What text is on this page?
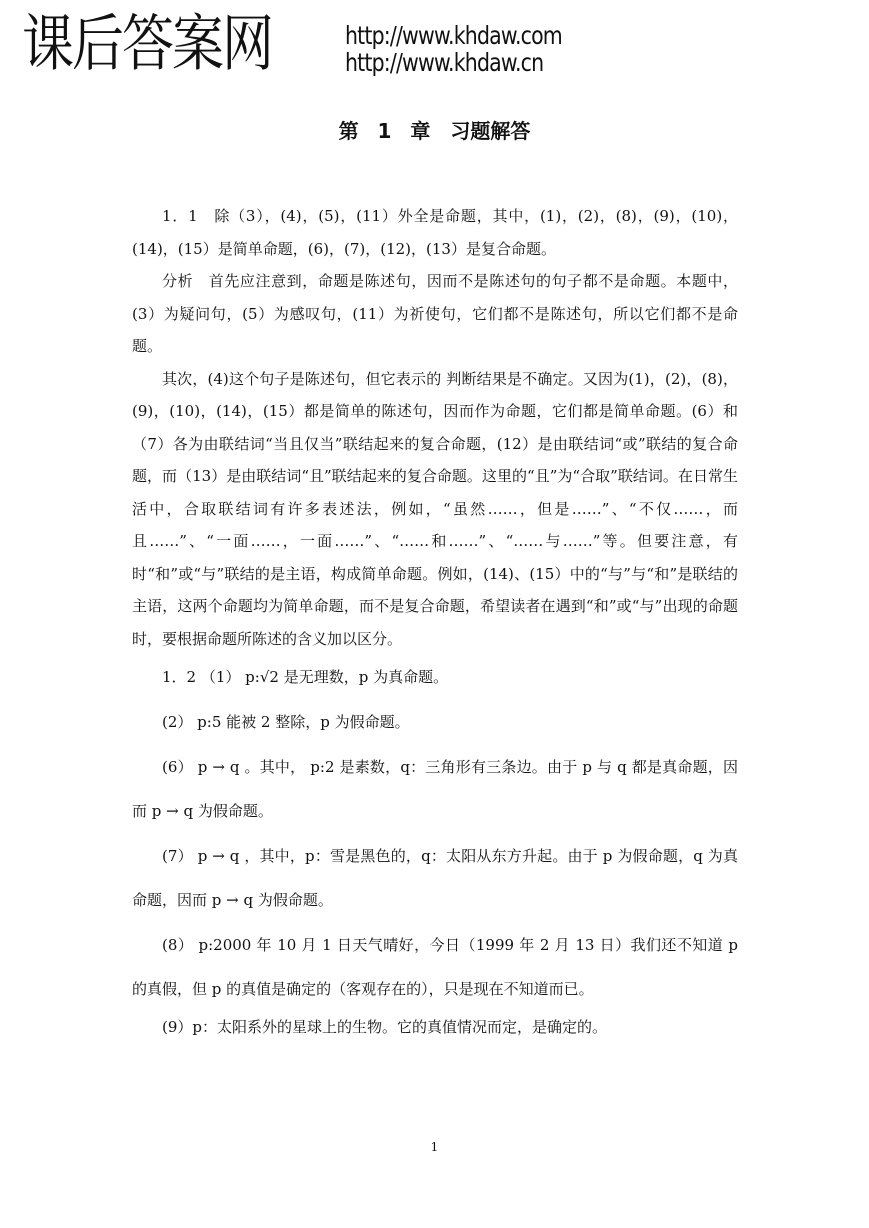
课后答案网	http://www.khdaw.com
http://www.khdaw.cn
第 1 章　习题解答

1．1　除（3），(4)，(5)，(11）外全是命题，其中，(1)，(2)，(8)，(9)，(10)，(14)，(15）是简单命题，(6)，(7)，(12)，(13）是复合命题。

分析　首先应注意到，命题是陈述句，因而不是陈述句的句子都不是命题。本题中，(3）为疑问句，(5）为感叹句，(11）为祈使句，它们都不是陈述句，所以它们都不是命题。

其次，(4)这个句子是陈述句，但它表示的 判断结果是不确定。又因为(1)，(2)，(8)，(9)，(10)，(14)，(15）都是简单的陈述句，因而作为命题，它们都是简单命题。(6）和（7）各为由联结词“当且仅当”联结起来的复合命题，(12）是由联结词“或”联结的复合命题，而（13）是由联结词“且”联结起来的复合命题。这里的“且”为“合取”联结词。在日常生活中，合取联结词有许多表述法，例如，“虽然……，但是……”、“不仅……，而且……”、“一面……，一面……”、“……和……”、“……与……”等。但要注意，有时“和”或“与”联结的是主语，构成简单命题。例如，(14)、(15）中的“与”与“和”是联结的主语，这两个命题均为简单命题，而不是复合命题，希望读者在遇到“和”或“与”出现的命题时，要根据命题所陈述的含义加以区分。

1．2 （1） p:√2 是无理数，p 为真命题。

(2） p:5 能被 2 整除，p 为假命题。

(6） p → q 。其中， p:2 是素数，q：三角形有三条边。由于 p 与 q 都是真命题，因而 p → q 为假命题。

(7） p → q ，其中，p：雪是黑色的，q：太阳从东方升起。由于 p 为假命题，q 为真命题，因而 p → q 为假命题。

(8） p:2000 年 10 月 1 日天气晴好，今日（1999 年 2 月 13 日）我们还不知道 p 的真假，但 p 的真值是确定的（客观存在的），只是现在不知道而已。

(9）p：太阳系外的星球上的生物。它的真值情况而定，是确定的。

1
